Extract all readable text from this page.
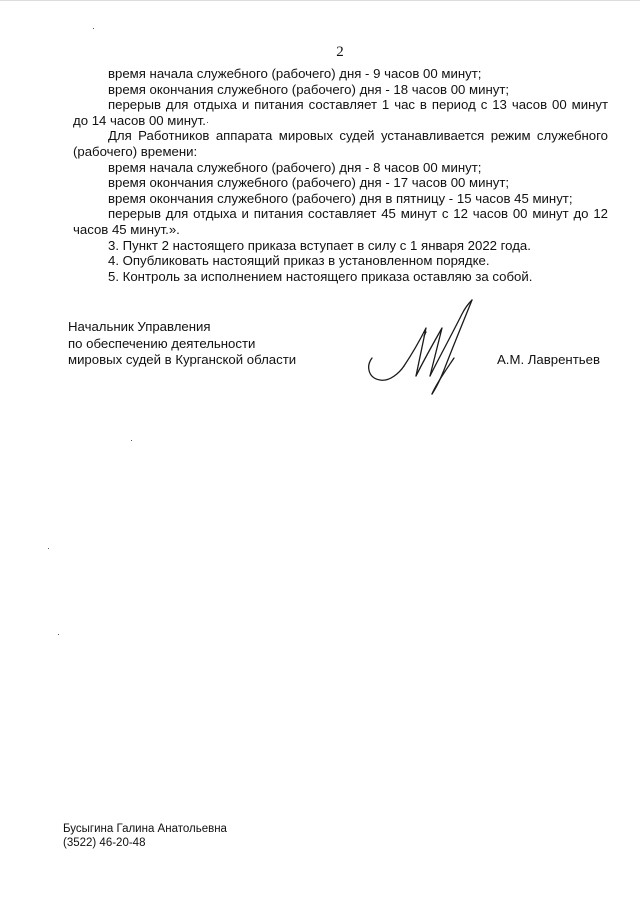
2

время начала служебного (рабочего) дня - 9 часов 00 минут;

время окончания служебного (рабочего) дня - 18 часов 00 минут;

перерыв для отдыха и питания составляет 1 час в период с 13 часов 00 минут до 14 часов 00 минут.

Для Работников аппарата мировых судей устанавливается режим служебного (рабочего) времени:

время начала служебного (рабочего) дня - 8 часов 00 минут;

время окончания служебного (рабочего) дня - 17 часов 00 минут;

время окончания служебного (рабочего) дня в пятницу - 15 часов 45 минут;

перерыв для отдыха и питания составляет 45 минут с 12 часов 00 минут до 12 часов 45 минут.».

3. Пункт 2 настоящего приказа вступает в силу с 1 января 2022 года.

4. Опубликовать настоящий приказ в установленном порядке.

5. Контроль за исполнением настоящего приказа оставляю за собой.

Начальник Управления
по обеспечению деятельности
мировых судей в Курганской области	А.М. Лаврентьев
Бусыгина Галина Анатольевна
(3522) 46-20-48
